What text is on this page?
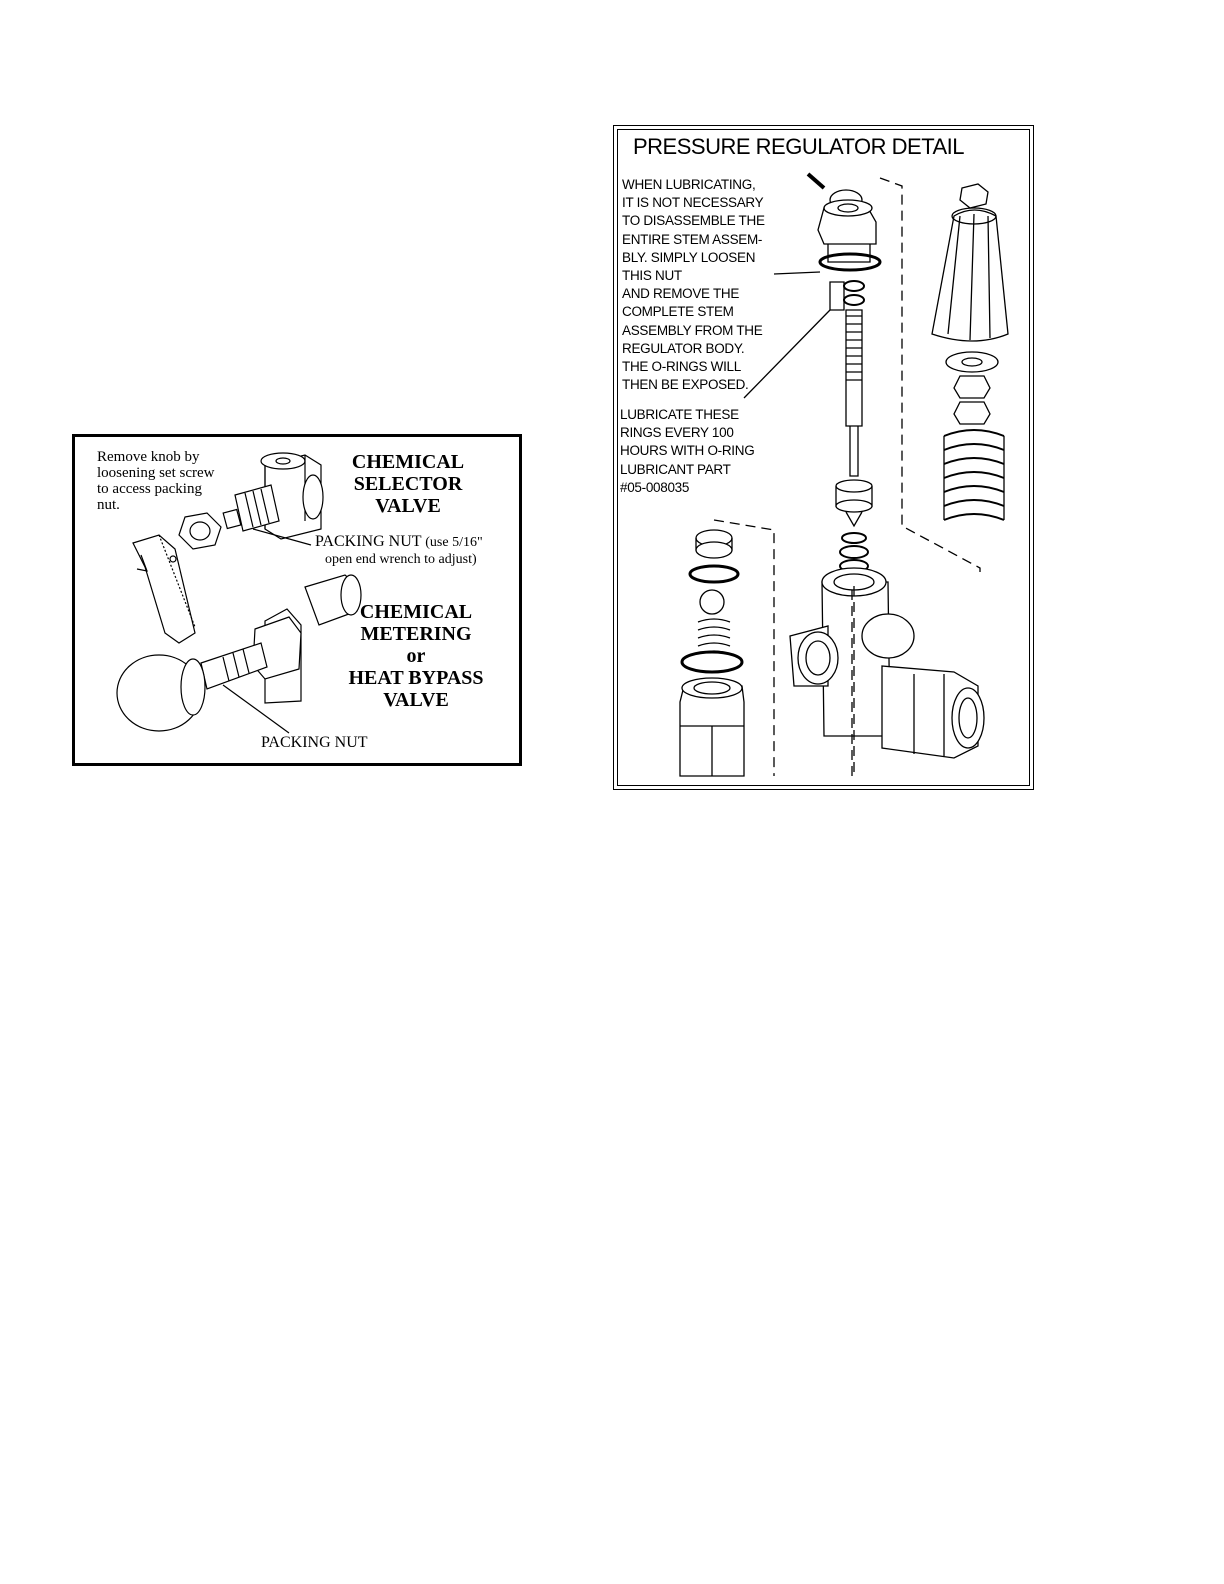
Remove knob by loosening set screw to access packing nut.
CHEMICAL
SELECTOR
VALVE
PACKING NUT (use 5/16"
open end wrench to adjust)
CHEMICAL
METERING
or
HEAT BYPASS
VALVE
PACKING NUT
PRESSURE REGULATOR DETAIL
WHEN LUBRICATING,
IT IS NOT NECESSARY
TO DISASSEMBLE THE
ENTIRE STEM ASSEM-
BLY. SIMPLY LOOSEN
THIS NUT
AND REMOVE THE
COMPLETE STEM
ASSEMBLY FROM THE
REGULATOR BODY.
THE O-RINGS WILL
THEN BE EXPOSED.
LUBRICATE THESE
RINGS EVERY 100
HOURS WITH O-RING
LUBRICANT PART
#05-008035
